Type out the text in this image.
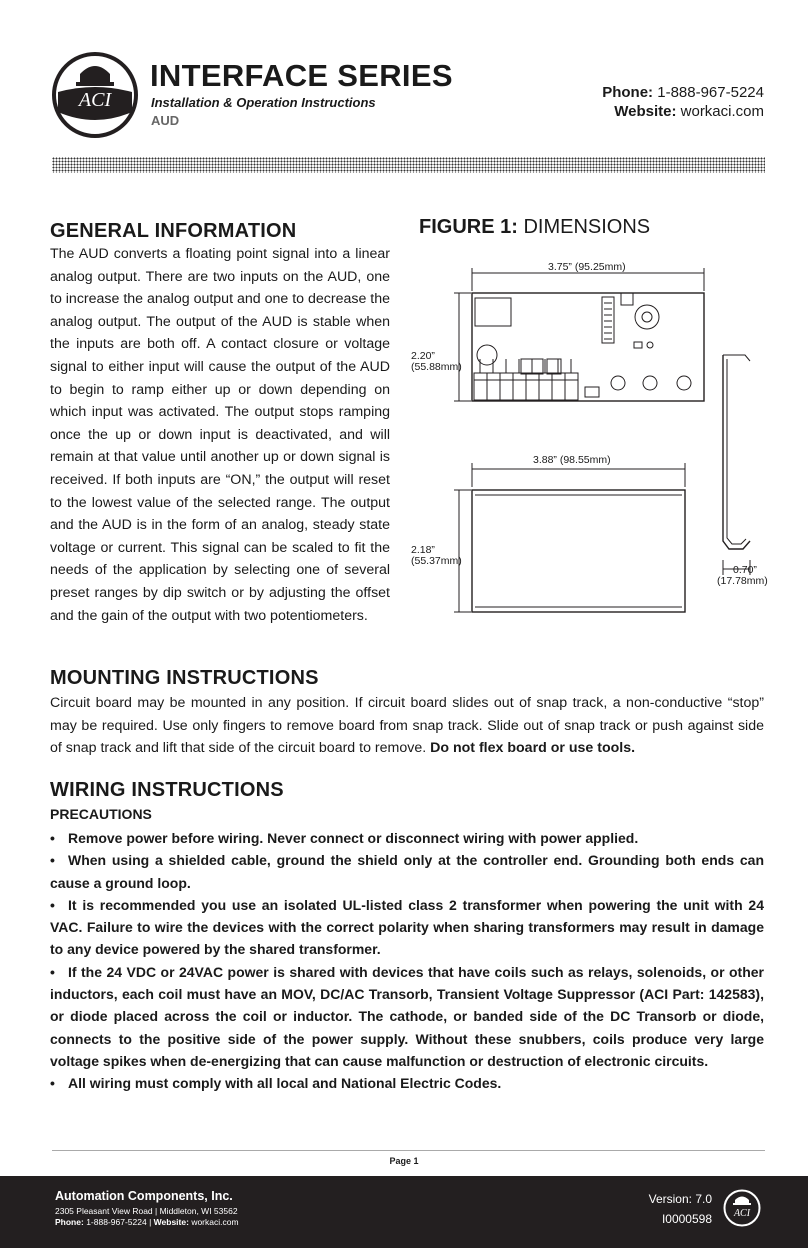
ACI
INTERFACE SERIES
Installation & Operation Instructions
AUD
Phone: 1-888-967-5224
Website: workaci.com
GENERAL INFORMATION
The AUD converts a floating point signal into a linear analog output. There are two inputs on the AUD, one to increase the analog output and one to decrease the analog output. The output of the AUD is stable when the inputs are both off. A contact closure or voltage signal to either input will cause the output of the AUD to begin to ramp either up or down depending on which input was activated. The output stops ramping once the up or down input is deactivated, and will remain at that value until another up or down signal is received. If both inputs are “ON,” the output will reset to the lowest value of the selected range. The output and the AUD is in the form of an analog, steady state voltage or current. This signal can be scaled to fit the needs of the application by selecting one of several preset ranges by dip switch or by adjusting the offset and the gain of the output with two potentiometers.
FIGURE 1: DIMENSIONS
3.75” (95.25mm)
2.20”
(55.88mm)
3.88” (98.55mm)
2.18”
(55.37mm)
0.70”
(17.78mm)
MOUNTING INSTRUCTIONS
Circuit board may be mounted in any position. If circuit board slides out of snap track, a non-conductive “stop” may be required. Use only fingers to remove board from snap track. Slide out of snap track or push against side of snap track and lift that side of the circuit board to remove. Do not flex board or use tools.
WIRING INSTRUCTIONS
PRECAUTIONS
• Remove power before wiring. Never connect or disconnect wiring with power applied.
• When using a shielded cable, ground the shield only at the controller end. Grounding both ends can cause a ground loop.
• It is recommended you use an isolated UL-listed class 2 transformer when powering the unit with 24 VAC. Failure to wire the devices with the correct polarity when sharing transformers may result in damage to any device powered by the shared transformer.
• If the 24 VDC or 24VAC power is shared with devices that have coils such as relays, solenoids, or other inductors, each coil must have an MOV, DC/AC Transorb, Transient Voltage Suppressor (ACI Part: 142583), or diode placed across the coil or inductor. The cathode, or banded side of the DC Transorb or diode, connects to the positive side of the power supply. Without these snubbers, coils produce very large voltage spikes when de-energizing that can cause malfunction or destruction of electronic circuits.
• All wiring must comply with all local and National Electric Codes.
Page 1
Automation Components, Inc.
2305 Pleasant View Road | Middleton, WI 53562
Phone: 1-888-967-5224 | Website: workaci.com
Version: 7.0
I0000598 ACI
